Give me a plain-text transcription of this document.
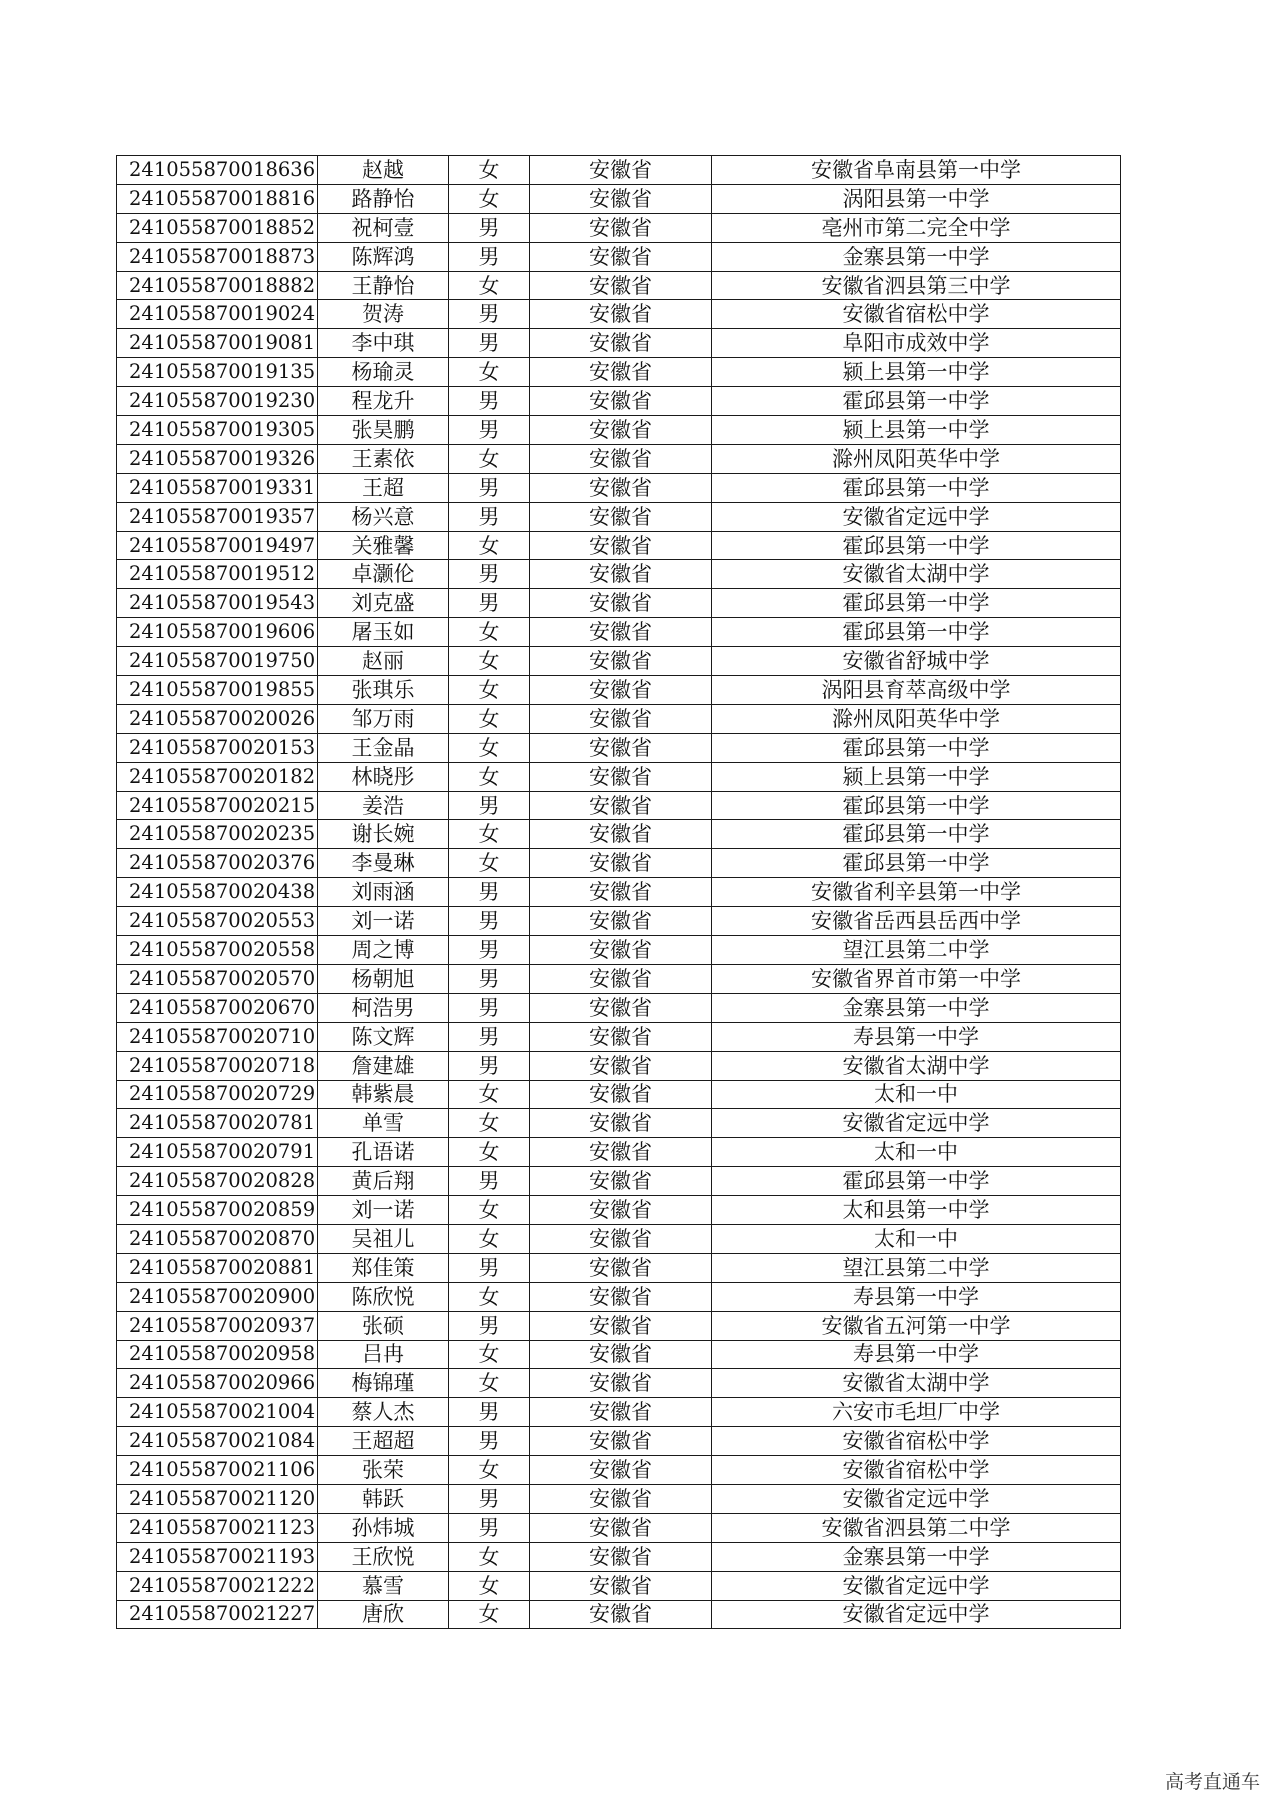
241055870018636	赵越	女	安徽省	安徽省阜南县第一中学
241055870018816	路静怡	女	安徽省	涡阳县第一中学
241055870018852	祝柯壹	男	安徽省	亳州市第二完全中学
241055870018873	陈辉鸿	男	安徽省	金寨县第一中学
241055870018882	王静怡	女	安徽省	安徽省泗县第三中学
241055870019024	贺涛	男	安徽省	安徽省宿松中学
241055870019081	李中琪	男	安徽省	阜阳市成效中学
241055870019135	杨瑜灵	女	安徽省	颍上县第一中学
241055870019230	程龙升	男	安徽省	霍邱县第一中学
241055870019305	张昊鹏	男	安徽省	颍上县第一中学
241055870019326	王素依	女	安徽省	滁州凤阳英华中学
241055870019331	王超	男	安徽省	霍邱县第一中学
241055870019357	杨兴意	男	安徽省	安徽省定远中学
241055870019497	关雅馨	女	安徽省	霍邱县第一中学
241055870019512	卓灏伦	男	安徽省	安徽省太湖中学
241055870019543	刘克盛	男	安徽省	霍邱县第一中学
241055870019606	屠玉如	女	安徽省	霍邱县第一中学
241055870019750	赵丽	女	安徽省	安徽省舒城中学
241055870019855	张琪乐	女	安徽省	涡阳县育萃高级中学
241055870020026	邹万雨	女	安徽省	滁州凤阳英华中学
241055870020153	王金晶	女	安徽省	霍邱县第一中学
241055870020182	林晓彤	女	安徽省	颍上县第一中学
241055870020215	姜浩	男	安徽省	霍邱县第一中学
241055870020235	谢长婉	女	安徽省	霍邱县第一中学
241055870020376	李曼琳	女	安徽省	霍邱县第一中学
241055870020438	刘雨涵	男	安徽省	安徽省利辛县第一中学
241055870020553	刘一诺	男	安徽省	安徽省岳西县岳西中学
241055870020558	周之博	男	安徽省	望江县第二中学
241055870020570	杨朝旭	男	安徽省	安徽省界首市第一中学
241055870020670	柯浩男	男	安徽省	金寨县第一中学
241055870020710	陈文辉	男	安徽省	寿县第一中学
241055870020718	詹建雄	男	安徽省	安徽省太湖中学
241055870020729	韩紫晨	女	安徽省	太和一中
241055870020781	单雪	女	安徽省	安徽省定远中学
241055870020791	孔语诺	女	安徽省	太和一中
241055870020828	黄后翔	男	安徽省	霍邱县第一中学
241055870020859	刘一诺	女	安徽省	太和县第一中学
241055870020870	吴祖儿	女	安徽省	太和一中
241055870020881	郑佳策	男	安徽省	望江县第二中学
241055870020900	陈欣悦	女	安徽省	寿县第一中学
241055870020937	张硕	男	安徽省	安徽省五河第一中学
241055870020958	吕冉	女	安徽省	寿县第一中学
241055870020966	梅锦瑾	女	安徽省	安徽省太湖中学
241055870021004	蔡人杰	男	安徽省	六安市毛坦厂中学
241055870021084	王超超	男	安徽省	安徽省宿松中学
241055870021106	张荣	女	安徽省	安徽省宿松中学
241055870021120	韩跃	男	安徽省	安徽省定远中学
241055870021123	孙炜城	男	安徽省	安徽省泗县第二中学
241055870021193	王欣悦	女	安徽省	金寨县第一中学
241055870021222	慕雪	女	安徽省	安徽省定远中学
241055870021227	唐欣	女	安徽省	安徽省定远中学
高考直通车
